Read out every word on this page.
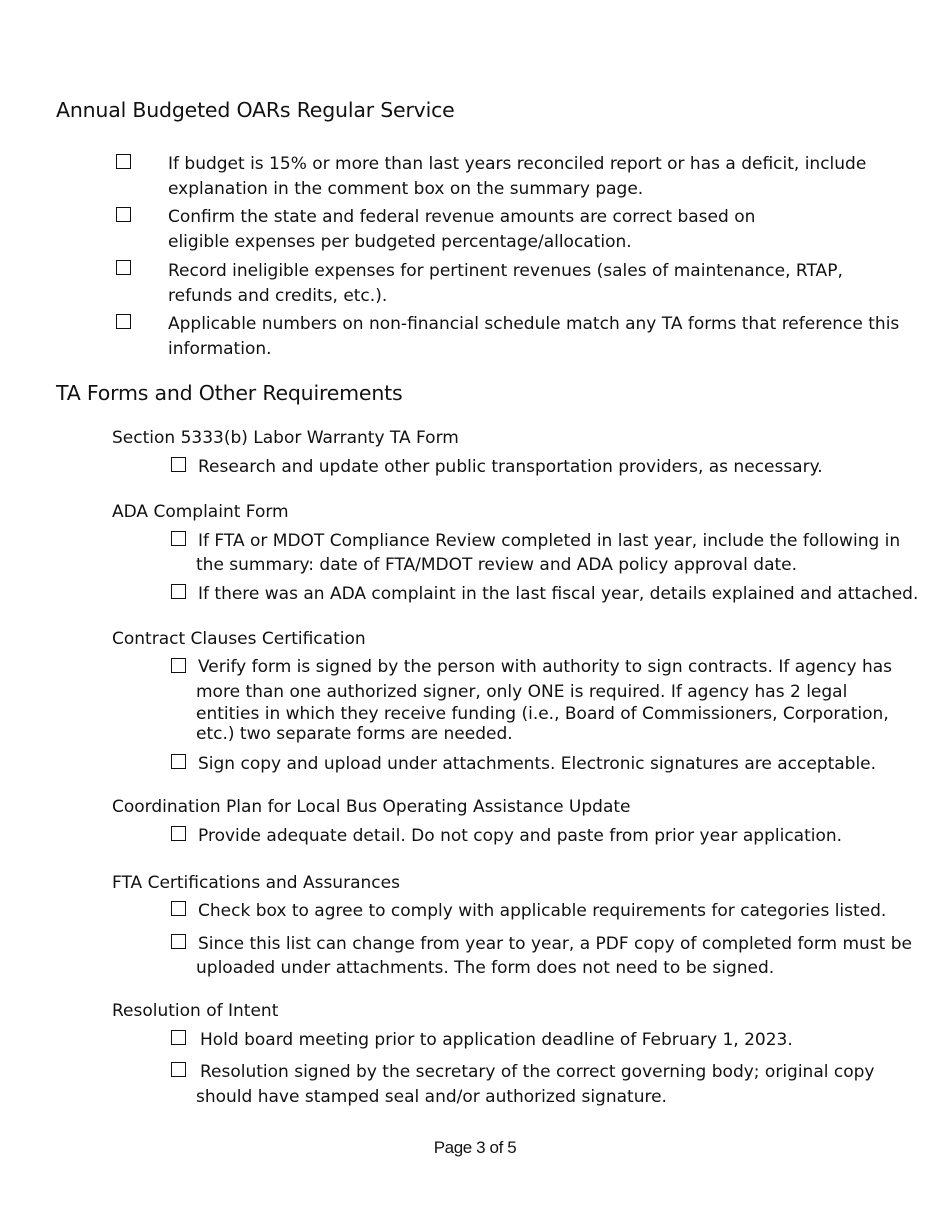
Annual Budgeted OARs Regular Service
If budget is 15% or more than last years reconciled report or has a deficit, include
explanation in the comment box on the summary page.
Confirm the state and federal revenue amounts are correct based on
eligible expenses per budgeted percentage/allocation.
Record ineligible expenses for pertinent revenues (sales of maintenance, RTAP,
refunds and credits, etc.).
Applicable numbers on non-financial schedule match any TA forms that reference this
information.
TA Forms and Other Requirements
Section 5333(b) Labor Warranty TA Form
Research and update other public transportation providers, as necessary.
ADA Complaint Form
If FTA or MDOT Compliance Review completed in last year, include the following in
the summary: date of FTA/MDOT review and ADA policy approval date.
If there was an ADA complaint in the last fiscal year, details explained and attached.
Contract Clauses Certification
Verify form is signed by the person with authority to sign contracts. If agency has
more than one authorized signer, only ONE is required. If agency has 2 legal
entities in which they receive funding (i.e., Board of Commissioners, Corporation,
etc.) two separate forms are needed.
Sign copy and upload under attachments. Electronic signatures are acceptable.
Coordination Plan for Local Bus Operating Assistance Update
Provide adequate detail. Do not copy and paste from prior year application.
FTA Certifications and Assurances
Check box to agree to comply with applicable requirements for categories listed.
Since this list can change from year to year, a PDF copy of completed form must be
uploaded under attachments. The form does not need to be signed.
Resolution of Intent
Hold board meeting prior to application deadline of February 1, 2023.
Resolution signed by the secretary of the correct governing body; original copy
should have stamped seal and/or authorized signature.
Page 3 of 5
